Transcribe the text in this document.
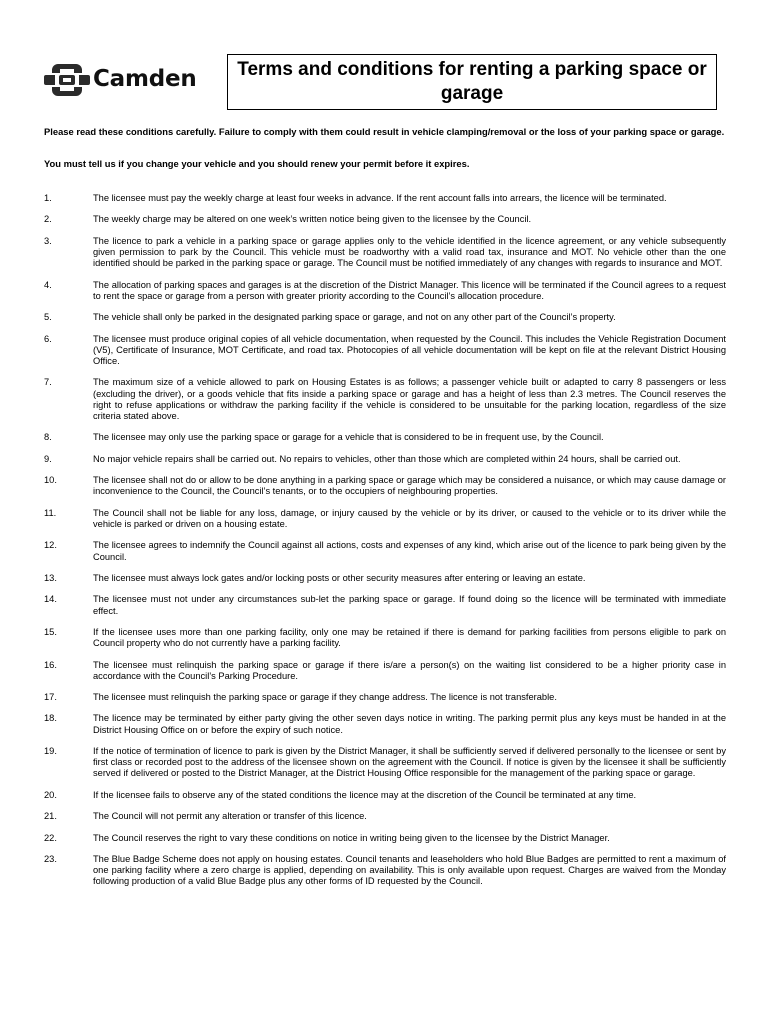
Camden	Terms and conditions for renting a parking space or garage

Please read these conditions carefully. Failure to comply with them could result in vehicle clamping/removal or the loss of your parking space or garage.

You must tell us if you change your vehicle and you should renew your permit before it expires.

1.	The licensee must pay the weekly charge at least four weeks in advance. If the rent account falls into arrears, the licence will be terminated.
2.	The weekly charge may be altered on one week’s written notice being given to the licensee by the Council.
3.	The licence to park a vehicle in a parking space or garage applies only to the vehicle identified in the licence agreement, or any vehicle subsequently given permission to park by the Council. This vehicle must be roadworthy with a valid road tax, insurance and MOT. No vehicle other than the one identified should be parked in the parking space or garage. The Council must be notified immediately of any changes with regards to insurance and MOT.
4.	The allocation of parking spaces and garages is at the discretion of the District Manager. This licence will be terminated if the Council agrees to a request to rent the space or garage from a person with greater priority according to the Council’s allocation procedure.
5.	The vehicle shall only be parked in the designated parking space or garage, and not on any other part of the Council’s property.
6.	The licensee must produce original copies of all vehicle documentation, when requested by the Council. This includes the Vehicle Registration Document (V5), Certificate of Insurance, MOT Certificate, and road tax. Photocopies of all vehicle documentation will be kept on file at the relevant District Housing Office.
7.	The maximum size of a vehicle allowed to park on Housing Estates is as follows; a passenger vehicle built or adapted to carry 8 passengers or less (excluding the driver), or a goods vehicle that fits inside a parking space or garage and has a height of less than 2.3 metres. The Council reserves the right to refuse applications or withdraw the parking facility if the vehicle is considered to be unsuitable for the parking location, regardless of the size criteria stated above.
8.	The licensee may only use the parking space or garage for a vehicle that is considered to be in frequent use, by the Council.
9.	No major vehicle repairs shall be carried out. No repairs to vehicles, other than those which are completed within 24 hours, shall be carried out.
10.	The licensee shall not do or allow to be done anything in a parking space or garage which may be considered a nuisance, or which may cause damage or inconvenience to the Council, the Council’s tenants, or to the occupiers of neighbouring properties.
11.	The Council shall not be liable for any loss, damage, or injury caused by the vehicle or by its driver, or caused to the vehicle or to its driver while the vehicle is parked or driven on a housing estate.
12.	The licensee agrees to indemnify the Council against all actions, costs and expenses of any kind, which arise out of the licence to park being given by the Council.
13.	The licensee must always lock gates and/or locking posts or other security measures after entering or leaving an estate.
14.	The licensee must not under any circumstances sub-let the parking space or garage. If found doing so the licence will be terminated with immediate effect.
15.	If the licensee uses more than one parking facility, only one may be retained if there is demand for parking facilities from persons eligible to park on Council property who do not currently have a parking facility.
16.	The licensee must relinquish the parking space or garage if there is/are a person(s) on the waiting list considered to be a higher priority case in accordance with the Council’s Parking Procedure.
17.	The licensee must relinquish the parking space or garage if they change address. The licence is not transferable.
18.	The licence may be terminated by either party giving the other seven days notice in writing. The parking permit plus any keys must be handed in at the District Housing Office on or before the expiry of such notice.
19.	If the notice of termination of licence to park is given by the District Manager, it shall be sufficiently served if delivered personally to the licensee or sent by first class or recorded post to the address of the licensee shown on the agreement with the Council. If notice is given by the licensee it shall be sufficiently served if delivered or posted to the District Manager, at the District Housing Office responsible for the management of the parking space or garage.
20.	If the licensee fails to observe any of the stated conditions the licence may at the discretion of the Council be terminated at any time.
21.	The Council will not permit any alteration or transfer of this licence.
22.	The Council reserves the right to vary these conditions on notice in writing being given to the licensee by the District Manager.
23.	The Blue Badge Scheme does not apply on housing estates. Council tenants and leaseholders who hold Blue Badges are permitted to rent a maximum of one parking facility where a zero charge is applied, depending on availability. This is only available upon request. Charges are waived from the Monday following production of a valid Blue Badge plus any other forms of ID requested by the Council.
